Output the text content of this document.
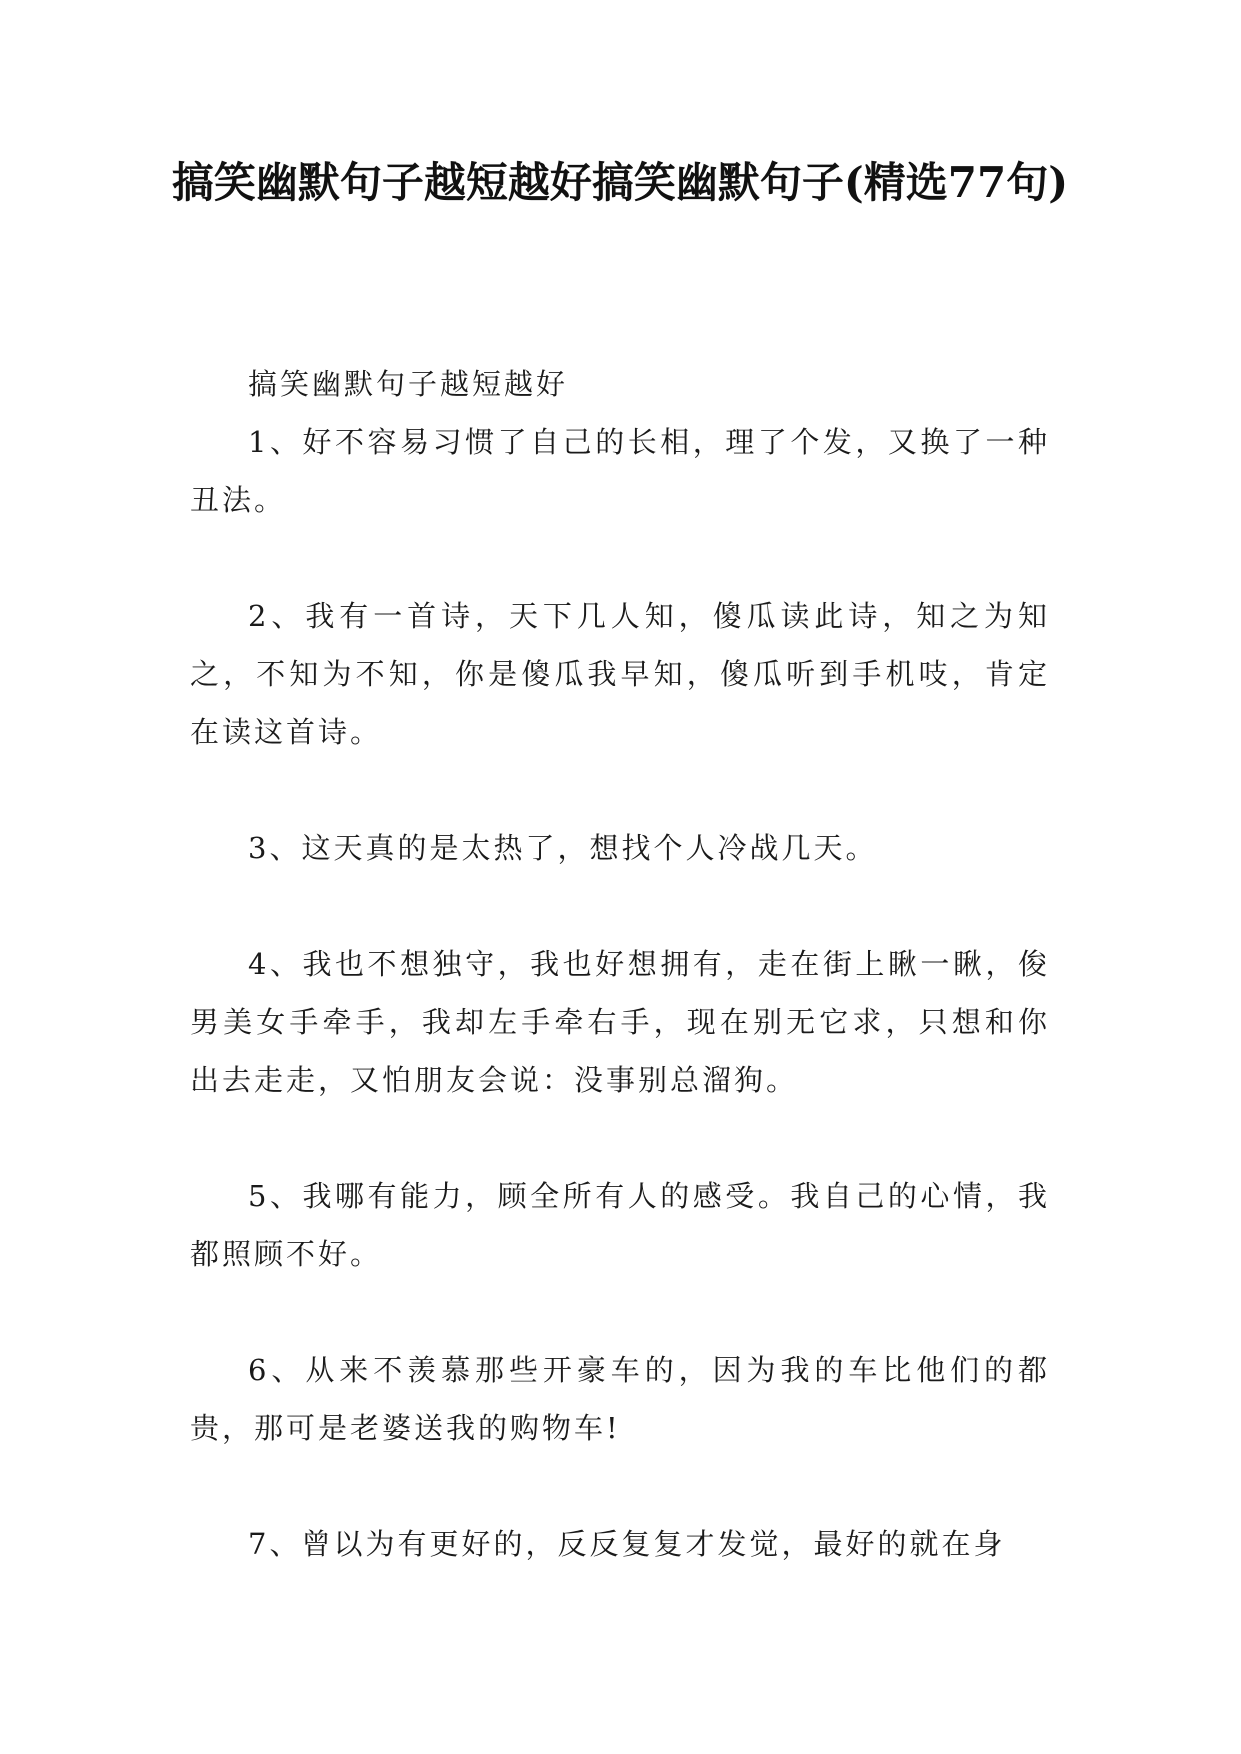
搞笑幽默句子越短越好搞笑幽默句子(精选77句)

搞笑幽默句子越短越好

1、好不容易习惯了自己的长相，理了个发，又换了一种丑法。

2、我有一首诗，天下几人知，傻瓜读此诗，知之为知之，不知为不知，你是傻瓜我早知，傻瓜听到手机吱，肯定在读这首诗。

3、这天真的是太热了，想找个人冷战几天。

4、我也不想独守，我也好想拥有，走在街上瞅一瞅，俊男美女手牵手，我却左手牵右手，现在别无它求，只想和你出去走走，又怕朋友会说：没事别总溜狗。

5、我哪有能力，顾全所有人的感受。我自己的心情，我都照顾不好。

6、从来不羡慕那些开豪车的，因为我的车比他们的都贵，那可是老婆送我的购物车!

7、曾以为有更好的，反反复复才发觉，最好的就在身
